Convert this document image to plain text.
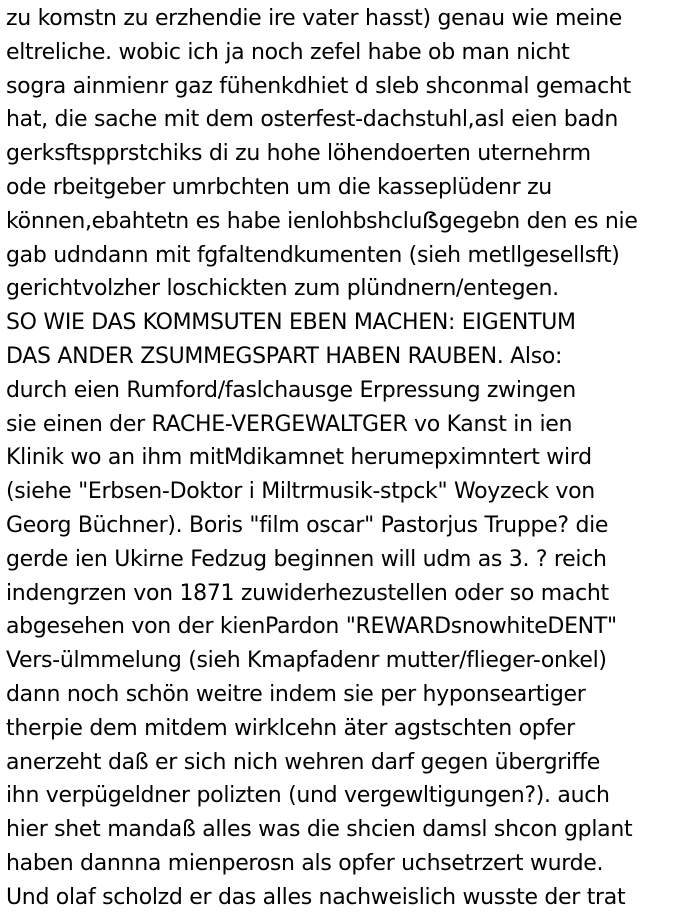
zu komstn zu erzhendie ire vater hasst) genau wie meine
eltreliche. wobic ich ja noch zefel habe ob man nicht
sogra ainmienr gaz fühenkdhiet d sleb shconmal gemacht
hat, die sache mit dem osterfest-dachstuhl,asl eien badn
gerksftspprstchiks di zu hohe löhendoerten uternehrm
ode rbeitgeber umrbchten um die kasseplüdenr zu
können,ebahtetn es habe ienlohbshcluẞgegebn den es nie
gab udndann mit fgfaltendkumenten (sieh metllgesellsft)
gerichtvolzher loschickten zum plündnern/entegen.
SO WIE DAS KOMMSUTEN EBEN MACHEN: EIGENTUM
DAS ANDER ZSUMMEGSPART HABEN RAUBEN. Also:
durch eien Rumford/faslchausge Erpressung zwingen
sie einen der RACHE-VERGEWALTGER vo Kanst in ien
Klinik wo an ihm mitMdikamnet herumepximntert wird
(siehe "Erbsen-Doktor i Miltrmusik-stpck" Woyzeck von
Georg Büchner). Boris "film oscar" Pastorjus Truppe? die
gerde ien Ukirne Fedzug beginnen will udm as 3. ? reich
indengrzen von 1871 zuwiderhezustellen oder so macht
abgesehen von der kienPardon "REWARDsnowhiteDENT"
Vers-ülmmelung (sieh Kmapfadenr mutter/flieger-onkel)
dann noch schön weitre indem sie per hyponseartiger
therpie dem mitdem wirklcehn äter agstschten opfer
anerzeht daß er sich nich wehren darf gegen übergriffe
ihn verpügeldner polizten (und vergewltigungen?). auch
hier shet mandaß alles was die shcien damsl shcon gplant
haben dannna mienperosn als opfer uchsetrzert wurde.
Und olaf scholzd er das alles nachweislich wusste der trat
